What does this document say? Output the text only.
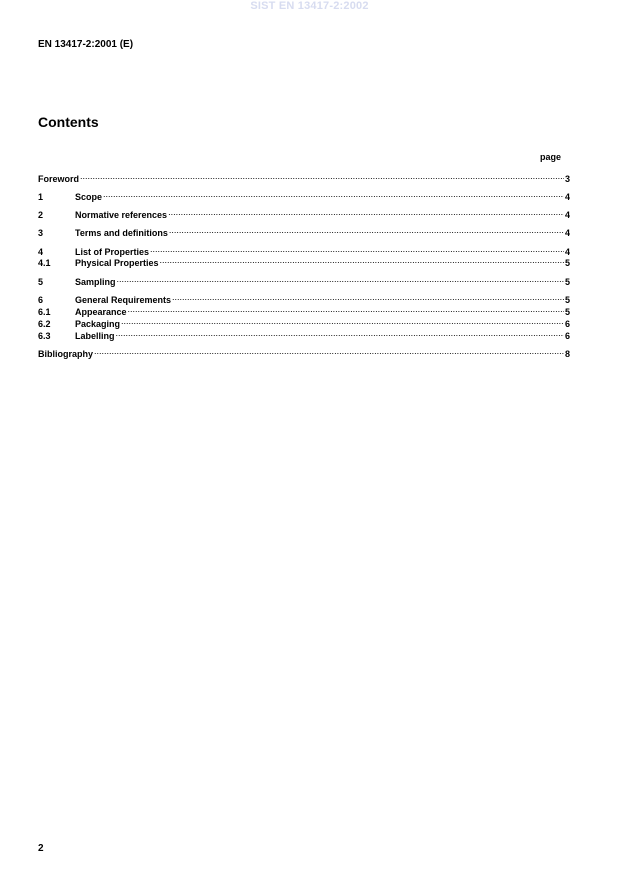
SIST EN 13417-2:2002
EN 13417-2:2001 (E)
Contents
page
Foreword .....	3
1	Scope .....	4
2	Normative references .....	4
3	Terms and definitions .....	4
4	List of Properties .....	4
4.1	Physical Properties .....	5
5	Sampling .....	5
6	General Requirements .....	5
6.1	Appearance .....	5
6.2	Packaging .....	6
6.3	Labelling .....	6
Bibliography .....	8
2
